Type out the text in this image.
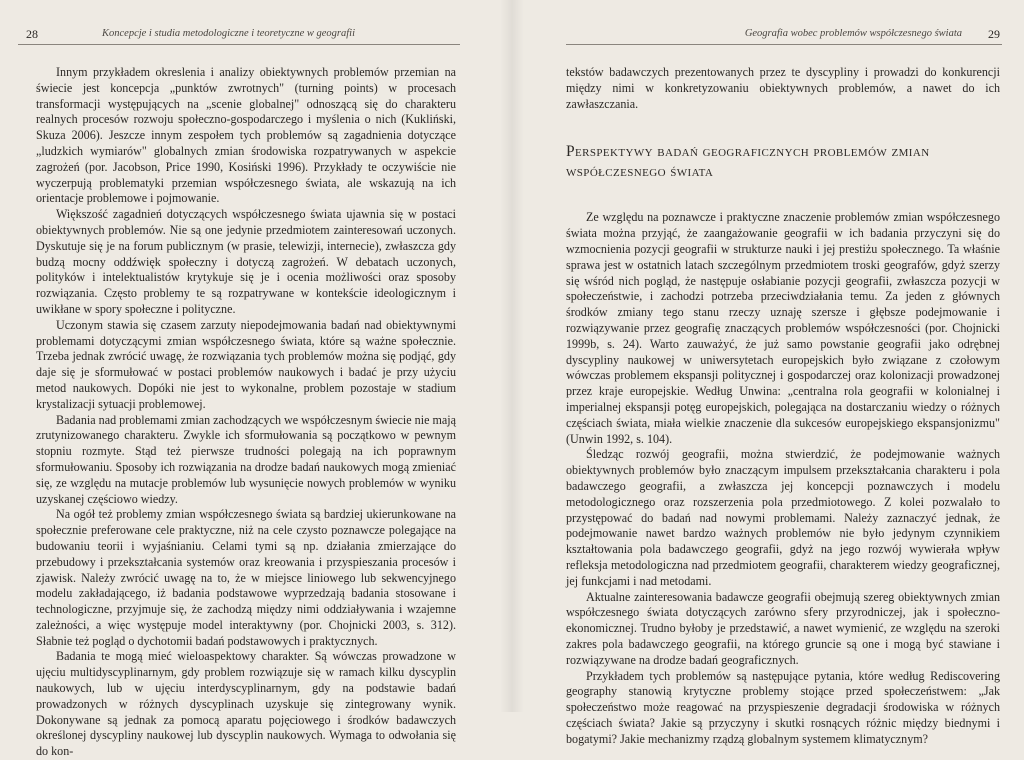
28	Koncepcje i studia metodologiczne i teoretyczne w geografii

Innym przykładem okreslenia i analizy obiektywnych problemów przemian na świecie jest koncepcja „punktów zwrotnych" (turning points) w procesach transformacji występujących na „scenie globalnej" odnoszącą się do charakteru realnych procesów rozwoju społeczno-gospodarczego i myślenia o nich (Kukliński, Skuza 2006). Jeszcze innym zespołem tych problemów są zagadnienia dotyczące „ludzkich wymiarów" globalnych zmian środowiska rozpatrywanych w aspekcie zagrożeń (por. Jacobson, Price 1990, Kosiński 1996). Przykłady te oczywiście nie wyczerpują problematyki przemian współczesnego świata, ale wskazują na ich orientacje problemowe i pojmowanie.

Większość zagadnień dotyczących współczesnego świata ujawnia się w postaci obiektywnych problemów. Nie są one jedynie przedmiotem zainteresowań uczonych. Dyskutuje się je na forum publicznym (w prasie, telewizji, internecie), zwłaszcza gdy budzą mocny oddźwięk społeczny i dotyczą zagrożeń. W debatach uczonych, polityków i intelektualistów krytykuje się je i ocenia możliwości oraz sposoby rozwiązania. Często problemy te są rozpatrywane w kontekście ideologicznym i uwikłane w spory społeczne i polityczne.

Uczonym stawia się czasem zarzuty niepodejmowania badań nad obiektywnymi problemami dotyczącymi zmian współczesnego świata, które są ważne społecznie. Trzeba jednak zwrócić uwagę, że rozwiązania tych problemów można się podjąć, gdy daje się je sformułować w postaci problemów naukowych i badać je przy użyciu metod naukowych. Dopóki nie jest to wykonalne, problem pozostaje w stadium krystalizacji sytuacji problemowej.

Badania nad problemami zmian zachodzących we współczesnym świecie nie mają zrutynizowanego charakteru. Zwykle ich sformułowania są początkowo w pewnym stopniu rozmyte. Stąd też pierwsze trudności polegają na ich poprawnym sformułowaniu. Sposoby ich rozwiązania na drodze badań naukowych mogą zmieniać się, ze względu na mutacje problemów lub wysunięcie nowych problemów w wyniku uzyskanej częściowo wiedzy.

Na ogół też problemy zmian współczesnego świata są bardziej ukierunkowane na społecznie preferowane cele praktyczne, niż na cele czysto poznawcze polegające na budowaniu teorii i wyjaśnianiu. Celami tymi są np. działania zmierzające do przebudowy i przekształcania systemów oraz kreowania i przyspieszania procesów i zjawisk. Należy zwrócić uwagę na to, że w miejsce liniowego lub sekwencyjnego modelu zakładającego, iż badania podstawowe wyprzedzają badania stosowane i technologiczne, przyjmuje się, że zachodzą między nimi oddziaływania i wzajemne zależności, a więc występuje model interaktywny (por. Chojnicki 2003, s. 312). Słabnie też pogląd o dychotomii badań podstawowych i praktycznych.

Badania te mogą mieć wieloaspektowy charakter. Są wówczas prowadzone w ujęciu multidyscyplinarnym, gdy problem rozwiązuje się w ramach kilku dyscyplin naukowych, lub w ujęciu interdyscyplinarnym, gdy na podstawie badań prowadzonych w różnych dyscyplinach uzyskuje się zintegrowany wynik. Dokonywane są jednak za pomocą aparatu pojęciowego i środków badawczych określonej dyscypliny naukowej lub dyscyplin naukowych. Wymaga to odwołania się do kon-

Geografia wobec problemów współczesnego świata 29

tekstów badawczych prezentowanych przez te dyscypliny i prowadzi do konkurencji między nimi w konkretyzowaniu obiektywnych problemów, a nawet do ich zawłaszczania.

Perspektywy badań geograficznych problemów zmian współczesnego świata

Ze względu na poznawcze i praktyczne znaczenie problemów zmian współczesnego świata można przyjąć, że zaangażowanie geografii w ich badania przyczyni się do wzmocnienia pozycji geografii w strukturze nauki i jej prestiżu społecznego. Ta właśnie sprawa jest w ostatnich latach szczególnym przedmiotem troski geografów, gdyż szerzy się wśród nich pogląd, że następuje osłabianie pozycji geografii, zwłaszcza pozycji w społeczeństwie, i zachodzi potrzeba przeciwdziałania temu. Za jeden z głównych środków zmiany tego stanu rzeczy uznaję szersze i głębsze podejmowanie i rozwiązywanie przez geografię znaczących problemów współczesności (por. Chojnicki 1999b, s. 24). Warto zauważyć, że już samo powstanie geografii jako odrębnej dyscypliny naukowej w uniwersytetach europejskich było związane z czołowym wówczas problemem ekspansji politycznej i gospodarczej oraz kolonizacji prowadzonej przez kraje europejskie. Według Unwina: „centralna rola geografii w kolonialnej i imperialnej ekspansji potęg europejskich, polegająca na dostarczaniu wiedzy o różnych częściach świata, miała wielkie znaczenie dla sukcesów europejskiego ekspansjonizmu" (Unwin 1992, s. 104).

Śledząc rozwój geografii, można stwierdzić, że podejmowanie ważnych obiektywnych problemów było znaczącym impulsem przekształcania charakteru i pola badawczego geografii, a zwłaszcza jej koncepcji poznawczych i modelu metodologicznego oraz rozszerzenia pola przedmiotowego. Z kolei pozwalało to przystępować do badań nad nowymi problemami. Należy zaznaczyć jednak, że podejmowanie nawet bardzo ważnych problemów nie było jedynym czynnikiem kształtowania pola badawczego geografii, gdyż na jego rozwój wywierała wpływ refleksja metodologiczna nad przedmiotem geografii, charakterem wiedzy geograficznej, jej funkcjami i nad metodami.

Aktualne zainteresowania badawcze geografii obejmują szereg obiektywnych zmian współczesnego świata dotyczących zarówno sfery przyrodniczej, jak i społeczno-ekonomicznej. Trudno byłoby je przedstawić, a nawet wymienić, ze względu na szeroki zakres pola badawczego geografii, na którego gruncie są one i mogą być stawiane i rozwiązywane na drodze badań geograficznych.

Przykładem tych problemów są następujące pytania, które według Rediscovering geography stanowią krytyczne problemy stojące przed społeczeństwem: „Jak społeczeństwo może reagować na przyspieszenie degradacji środowiska w różnych częściach świata? Jakie są przyczyny i skutki rosnących różnic między biednymi i bogatymi? Jakie mechanizmy rządzą globalnym systemem klimatycznym?
